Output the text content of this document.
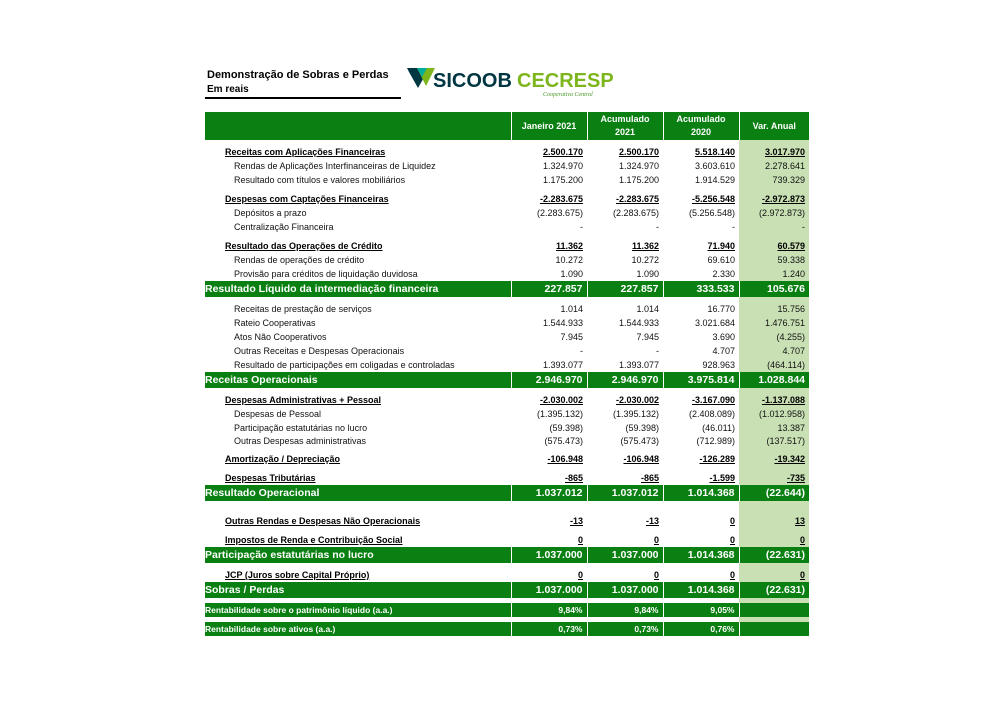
Demonstração de Sobras e Perdas
Em reais	SICOOB CECRESP
Cooperativa Central
	Janeiro 2021	Acumulado 2021	Acumulado 2020	Var. Anual

Receitas com Aplicações Financeiras	2.500.170	2.500.170	5.518.140	3.017.970
Rendas de Aplicações Interfinanceiras de Liquidez	1.324.970	1.324.970	3.603.610	2.278.641
Resultado com títulos e valores mobiliários	1.175.200	1.175.200	1.914.529	739.329

Despesas com Captações Financeiras	-2.283.675	-2.283.675	-5.256.548	-2.972.873
Depósitos a prazo	(2.283.675)	(2.283.675)	(5.256.548)	(2.972.873)
Centralização Financeira	-	-	-	-

Resultado das Operações de Crédito	11.362	11.362	71.940	60.579
Rendas de operações de crédito	10.272	10.272	69.610	59.338
Provisão para créditos de liquidação duvidosa	1.090	1.090	2.330	1.240
Resultado Líquido da intermediação financeira	227.857	227.857	333.533	105.676

Receitas de prestação de serviços	1.014	1.014	16.770	15.756
Rateio Cooperativas	1.544.933	1.544.933	3.021.684	1.476.751
Atos Não Cooperativos	7.945	7.945	3.690	(4.255)
Outras Receitas e Despesas Operacionais	-	-	4.707	4.707
Resultado de participações em coligadas e controladas	1.393.077	1.393.077	928.963	(464.114)
Receitas Operacionais	2.946.970	2.946.970	3.975.814	1.028.844

Despesas Administrativas + Pessoal	-2.030.002	-2.030.002	-3.167.090	-1.137.088
Despesas de Pessoal	(1.395.132)	(1.395.132)	(2.408.089)	(1.012.958)
Participação estatutárias no lucro	(59.398)	(59.398)	(46.011)	13.387
Outras Despesas administrativas	(575.473)	(575.473)	(712.989)	(137.517)

Amortização / Depreciação	-106.948	-106.948	-126.289	-19.342

Despesas Tributárias	-865	-865	-1.599	-735
Resultado Operacional	1.037.012	1.037.012	1.014.368	(22.644)

Outras Rendas e Despesas Não Operacionais	-13	-13	0	13

Impostos de Renda e Contribuição Social	0	0	0	0
Participação estatutárias no lucro	1.037.000	1.037.000	1.014.368	(22.631)

JCP (Juros sobre Capital Próprio)	0	0	0	0
Sobras / Perdas	1.037.000	1.037.000	1.014.368	(22.631)

Rentabilidade sobre o patrimônio líquido (a.a.)	9,84%	9,84%	9,05%	

Rentabilidade sobre ativos (a.a.)	0,73%	0,73%	0,76%	
